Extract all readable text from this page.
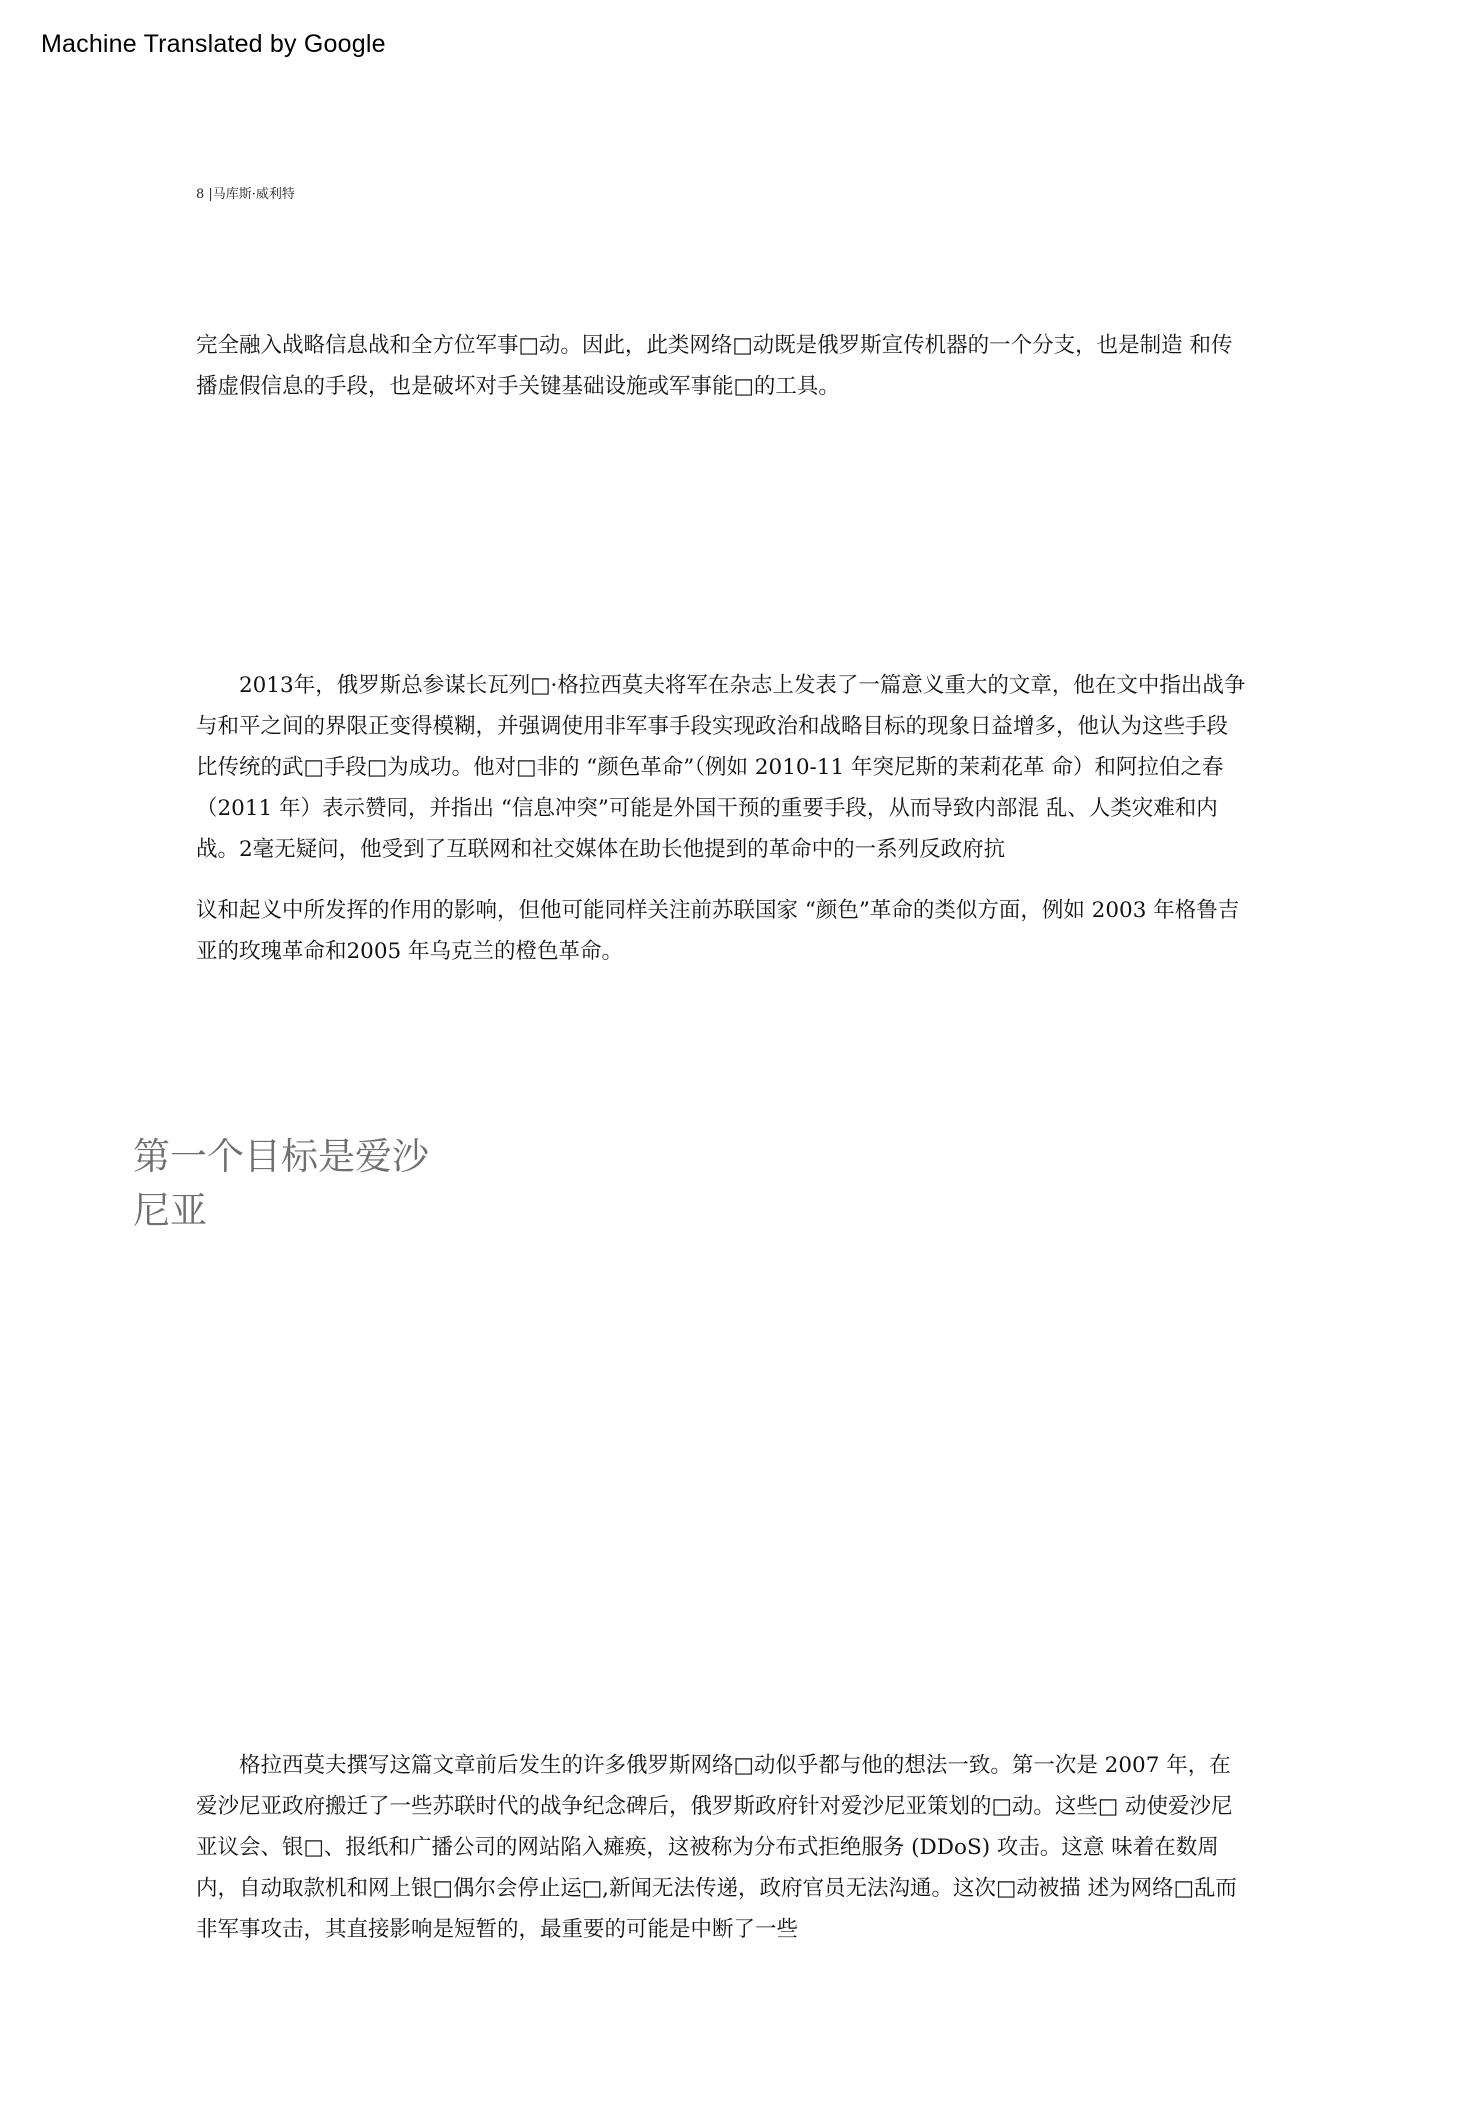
Machine Translated by Google
8 |马库斯·威利特

完全融入战略信息战和全方位军事□动。因此，此类网络□动既是俄罗斯宣传机器的一个分支，也是制造 和传播虚假信息的手段，也是破坏对手关键基础设施或军事能□的工具。

2013年，俄罗斯总参谋长瓦列□·格拉西莫夫将军在杂志上发表了一篇意义重大的文章，他在文中指出战争与和平之间的界限正变得模糊，并强调使用非军事手段实现政治和战略目标的现象日益增多，他认为这些手段比传统的武□手段□为成功。他对□非的 “颜色革命”（例如 2010-11 年突尼斯的茉莉花革 命）和阿拉伯之春（2011 年）表示赞同，并指出 “信息冲突”可能是外国干预的重要手段，从而导致内部混 乱、人类灾难和内战。2毫无疑问，他受到了互联网和社交媒体在助长他提到的革命中的一系列反政府抗

议和起义中所发挥的作用的影响，但他可能同样关注前苏联国家 “颜色”革命的类似方面，例如 2003 年格鲁吉亚的玫瑰革命和2005 年乌克兰的橙色革命。

第一个目标是爱沙尼亚

格拉西莫夫撰写这篇文章前后发生的许多俄罗斯网络□动似乎都与他的想法一致。第一次是 2007 年，在爱沙尼亚政府搬迁了一些苏联时代的战争纪念碑后，俄罗斯政府针对爱沙尼亚策划的□动。这些□ 动使爱沙尼亚议会、银□、报纸和广播公司的网站陷入瘫痪，这被称为分布式拒绝服务 (DDoS) 攻击。这意 味着在数周内，自动取款机和网上银□偶尔会停止运□,新闻无法传递，政府官员无法沟通。这次□动被描 述为网络□乱而非军事攻击，其直接影响是短暂的，最重要的可能是中断了一些
